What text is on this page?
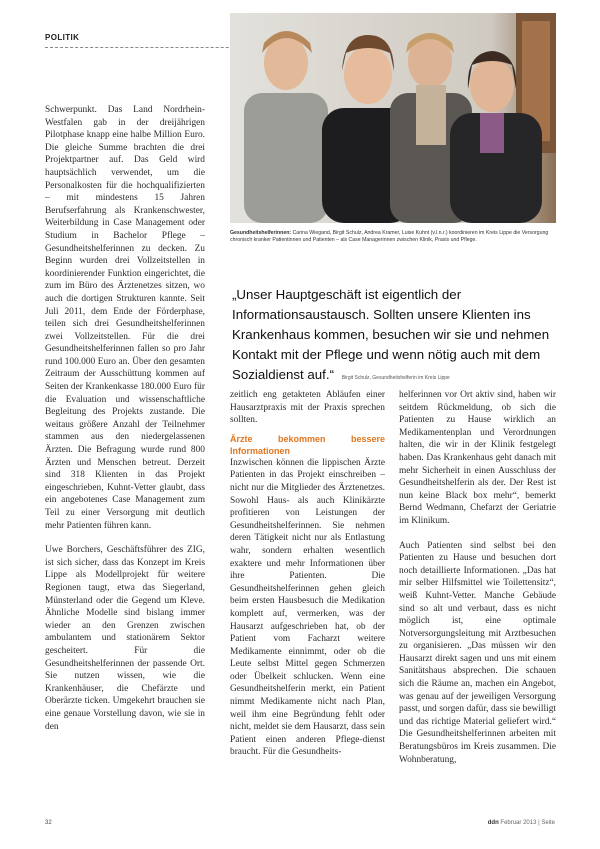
POLITIK
Gesundheitshelferinnen: Carina Wiegand, Birgit Schulz, Andrea Kramer, Luise Kuhnt (v.l.n.r.) koordinieren im Kreis Lippe die Versorgung chronisch kranker Patientinnen und Patienten – als Case Managerinnen zwischen Klinik, Praxis und Pflege.
„Unser Hauptgeschäft ist eigentlich der Informationsaustausch. Sollten unsere Klienten ins Krankenhaus kommen, besuchen wir sie und nehmen Kontakt mit der Pflege und wenn nötig auch mit dem Sozialdienst auf.“ Birgit Schulz, Gesundheitshelferin im Kreis Lippe

Schwerpunkt. Das Land Nordrhein-Westfalen gab in der dreijährigen Pilotphase knapp eine halbe Million Euro. Die gleiche Summe brachten die drei Projektpartner auf. Das Geld wird hauptsächlich verwendet, um die Personalkosten für die hochqualifizierten – mit mindestens 15 Jahren Berufserfahrung als Krankenschwester, Weiterbildung in Case Management oder Studium in Bachelor Pflege – Gesundheitshelferinnen zu decken. Zu Beginn wurden drei Vollzeitstellen in koordinierender Funktion eingerichtet, die zum im Büro des Ärztenetzes sitzen, wo auch die dortigen Strukturen kannte. Seit Juli 2011, dem Ende der Förderphase, teilen sich drei Gesundheitshelferinnen zwei Vollzeitstellen. Für die drei Gesundheitshelferinnen fallen so pro Jahr rund 100.000 Euro an. Über den gesamten Zeitraum der Ausschüttung kommen auf Seiten der Krankenkasse 180.000 Euro für die Evaluation und wissenschaftliche Begleitung des Projekts zustande. Die weitaus größere Anzahl der Teilnehmer stammen aus den niedergelassenen Ärzten. Die Befragung wurde rund 800 Ärzten und Menschen betreut. Derzeit sind 318 Klienten in das Projekt eingeschrieben, Kuhnt-Vetter glaubt, dass ein angebotenes Case Management zum Teil zu einer Versorgung mit deutlich mehr Patienten führen kann.

Uwe Borchers, Geschäftsführer des ZIG, ist sich sicher, dass das Konzept im Kreis Lippe als Modellprojekt für weitere Regionen taugt, etwa das Siegerland, Münsterland oder die Gegend um Kleve. Ähnliche Modelle sind bislang immer wieder an den Grenzen zwischen ambulantem und stationärem Sektor gescheitert. Für die Gesundheitshelferinnen der passende Ort. Sie nutzen wissen, wie die Krankenhäuser, die Chefärzte und Oberärzte ticken. Umgekehrt brauchen sie eine genaue Vorstellung davon, wie sie in den

zeitlich eng getakteten Abläufen einer Hausarztpraxis mit der Praxis sprechen sollten.

Ärzte bekommen bessere Informationen

Inzwischen können die lippischen Ärzte Patienten in das Projekt einschreiben – nicht nur die Mitglieder des Ärztenetzes. Sowohl Haus- als auch Klinikärzte profitieren von Leistungen der Gesundheitshelferinnen. Sie nehmen deren Tätigkeit nicht nur als Entlastung wahr, sondern erhalten wesentlich exaktere und mehr Informationen über ihre Patienten. Die Gesundheitshelferinnen gehen gleich beim ersten Hausbesuch die Medikation komplett auf, vermerken, was der Hausarzt aufgeschrieben hat, ob der Patient vom Facharzt weitere Medikamente einnimmt, oder ob die Leute selbst Mittel gegen Schmerzen oder Übelkeit schlucken. Wenn eine Gesundheitshelferin merkt, ein Patient nimmt Medikamente nicht nach Plan, weil ihm eine Begründung fehlt oder nicht, meldet sie dem Hausarzt, dass sein Patient einen anderen Pflege-dienst braucht. Für die Gesundheits-

helferinnen vor Ort aktiv sind, haben wir seitdem Rückmeldung, ob sich die Patienten zu Hause wirklich an Medikamentenplan und Verordnungen halten, die wir in der Klinik festgelegt haben. Das Krankenhaus geht danach mit mehr Sicherheit in einen Ausschluss der Gesundheitshelferin als der. Der Rest ist nun keine Black box mehr“, bemerkt Bernd Wedmann, Chefarzt der Geriatrie im Klinikum.

Auch Patienten sind selbst bei den Patienten zu Hause und besuchen dort noch detaillierte Informationen. „Das hat mir selber Hilfsmittel wie Toilettensitz“, weiß Kuhnt-Vetter. Manche Gebäude sind so alt und verbaut, dass es nicht möglich ist, eine optimale Notversorgungsleitung mit Arztbesuchen zu organisieren. „Das müssen wir den Hausarzt direkt sagen und uns mit einem Sanitätshaus absprechen. Die schauen sich die Räume an, machen ein Angebot, was genau auf der jeweiligen Versorgung passt, und sorgen dafür, dass sie bewilligt und das richtige Material geliefert wird.“ Die Gesundheitshelferinnen arbeiten mit Beratungsbüros im Kreis zusammen. Die Wohnberatung,

32	ddn Februar 2013 | Seite
